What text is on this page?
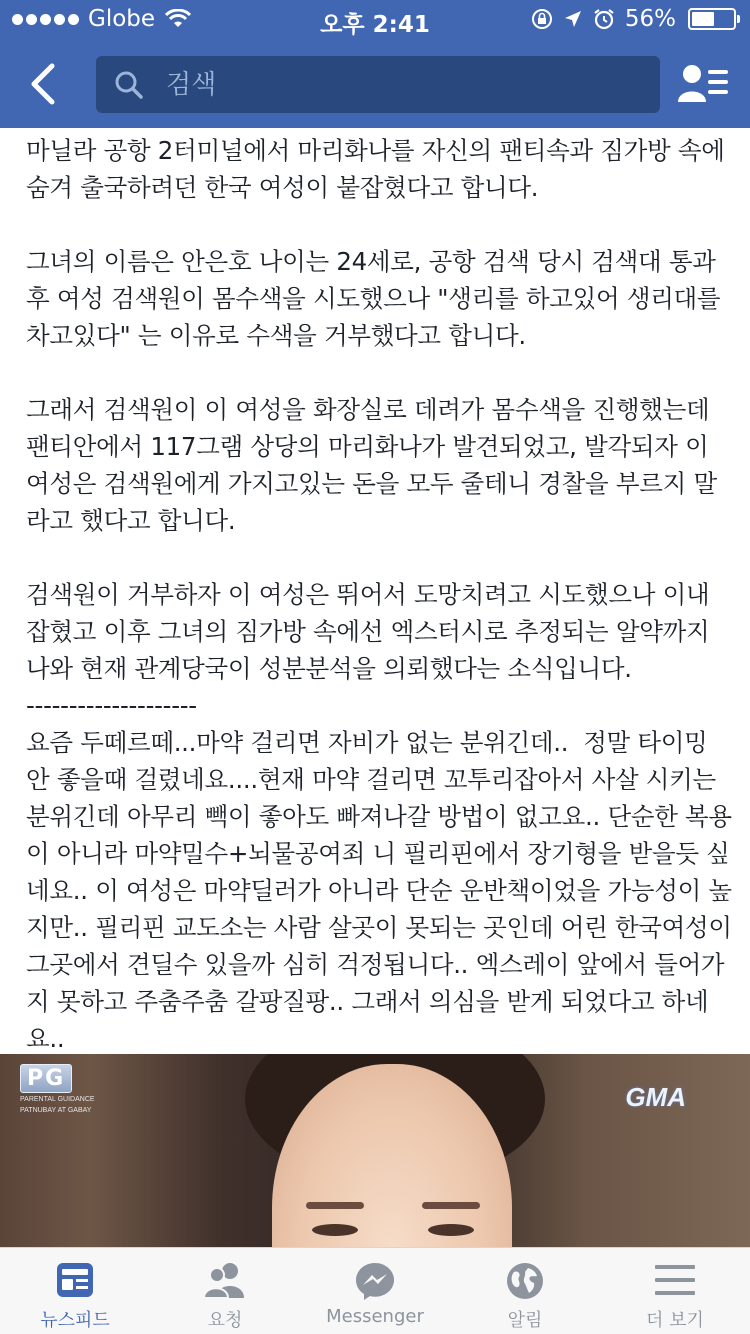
Globe	오후 2:41	56%
검색

마닐라 공항 2터미널에서 마리화나를 자신의 팬티속과 짐가방 속에 숨겨 출국하려던 한국 여성이 붙잡혔다고 합니다.

그녀의 이름은 안은호 나이는 24세로, 공항 검색 당시 검색대 통과후 여성 검색원이 몸수색을 시도했으나 "생리를 하고있어 생리대를 차고있다" 는 이유로 수색을 거부했다고 합니다.

그래서 검색원이 이 여성을 화장실로 데려가 몸수색을 진행했는데 팬티안에서 117그램 상당의 마리화나가 발견되었고, 발각되자 이 여성은 검색원에게 가지고있는 돈을 모두 줄테니 경찰을 부르지 말라고 했다고 합니다.

검색원이 거부하자 이 여성은 뛰어서 도망치려고 시도했으나 이내 잡혔고 이후 그녀의 짐가방 속에선 엑스터시로 추정되는 알약까지 나와 현재 관계당국이 성분분석을 의뢰했다는 소식입니다.

--------------------

요즘 두떼르떼...마약 걸리면 자비가 없는 분위긴데..  정말 타이밍 안 좋을때 걸렸네요....현재 마약 걸리면 꼬투리잡아서 사살 시키는 분위긴데 아무리 빽이 좋아도 빠져나갈 방법이 없고요.. 단순한 복용이 아니라 마약밀수+뇌물공여죄 니 필리핀에서 장기형을 받을듯 싶네요.. 이 여성은 마약딜러가 아니라 단순 운반책이었을 가능성이 높지만.. 필리핀 교도소는 사람 살곳이 못되는 곳인데 어린 한국여성이 그곳에서 견딜수 있을까 심히 걱정됩니다.. 엑스레이 앞에서 들어가지 못하고 주춤주춤 갈팡질팡.. 그래서 의심을 받게 되었다고 하네요..

PG
PARENTAL GUIDANCE
PATNUBAY AT GABAY	GMA
뉴스피드	요청	Messenger	알림	더 보기
